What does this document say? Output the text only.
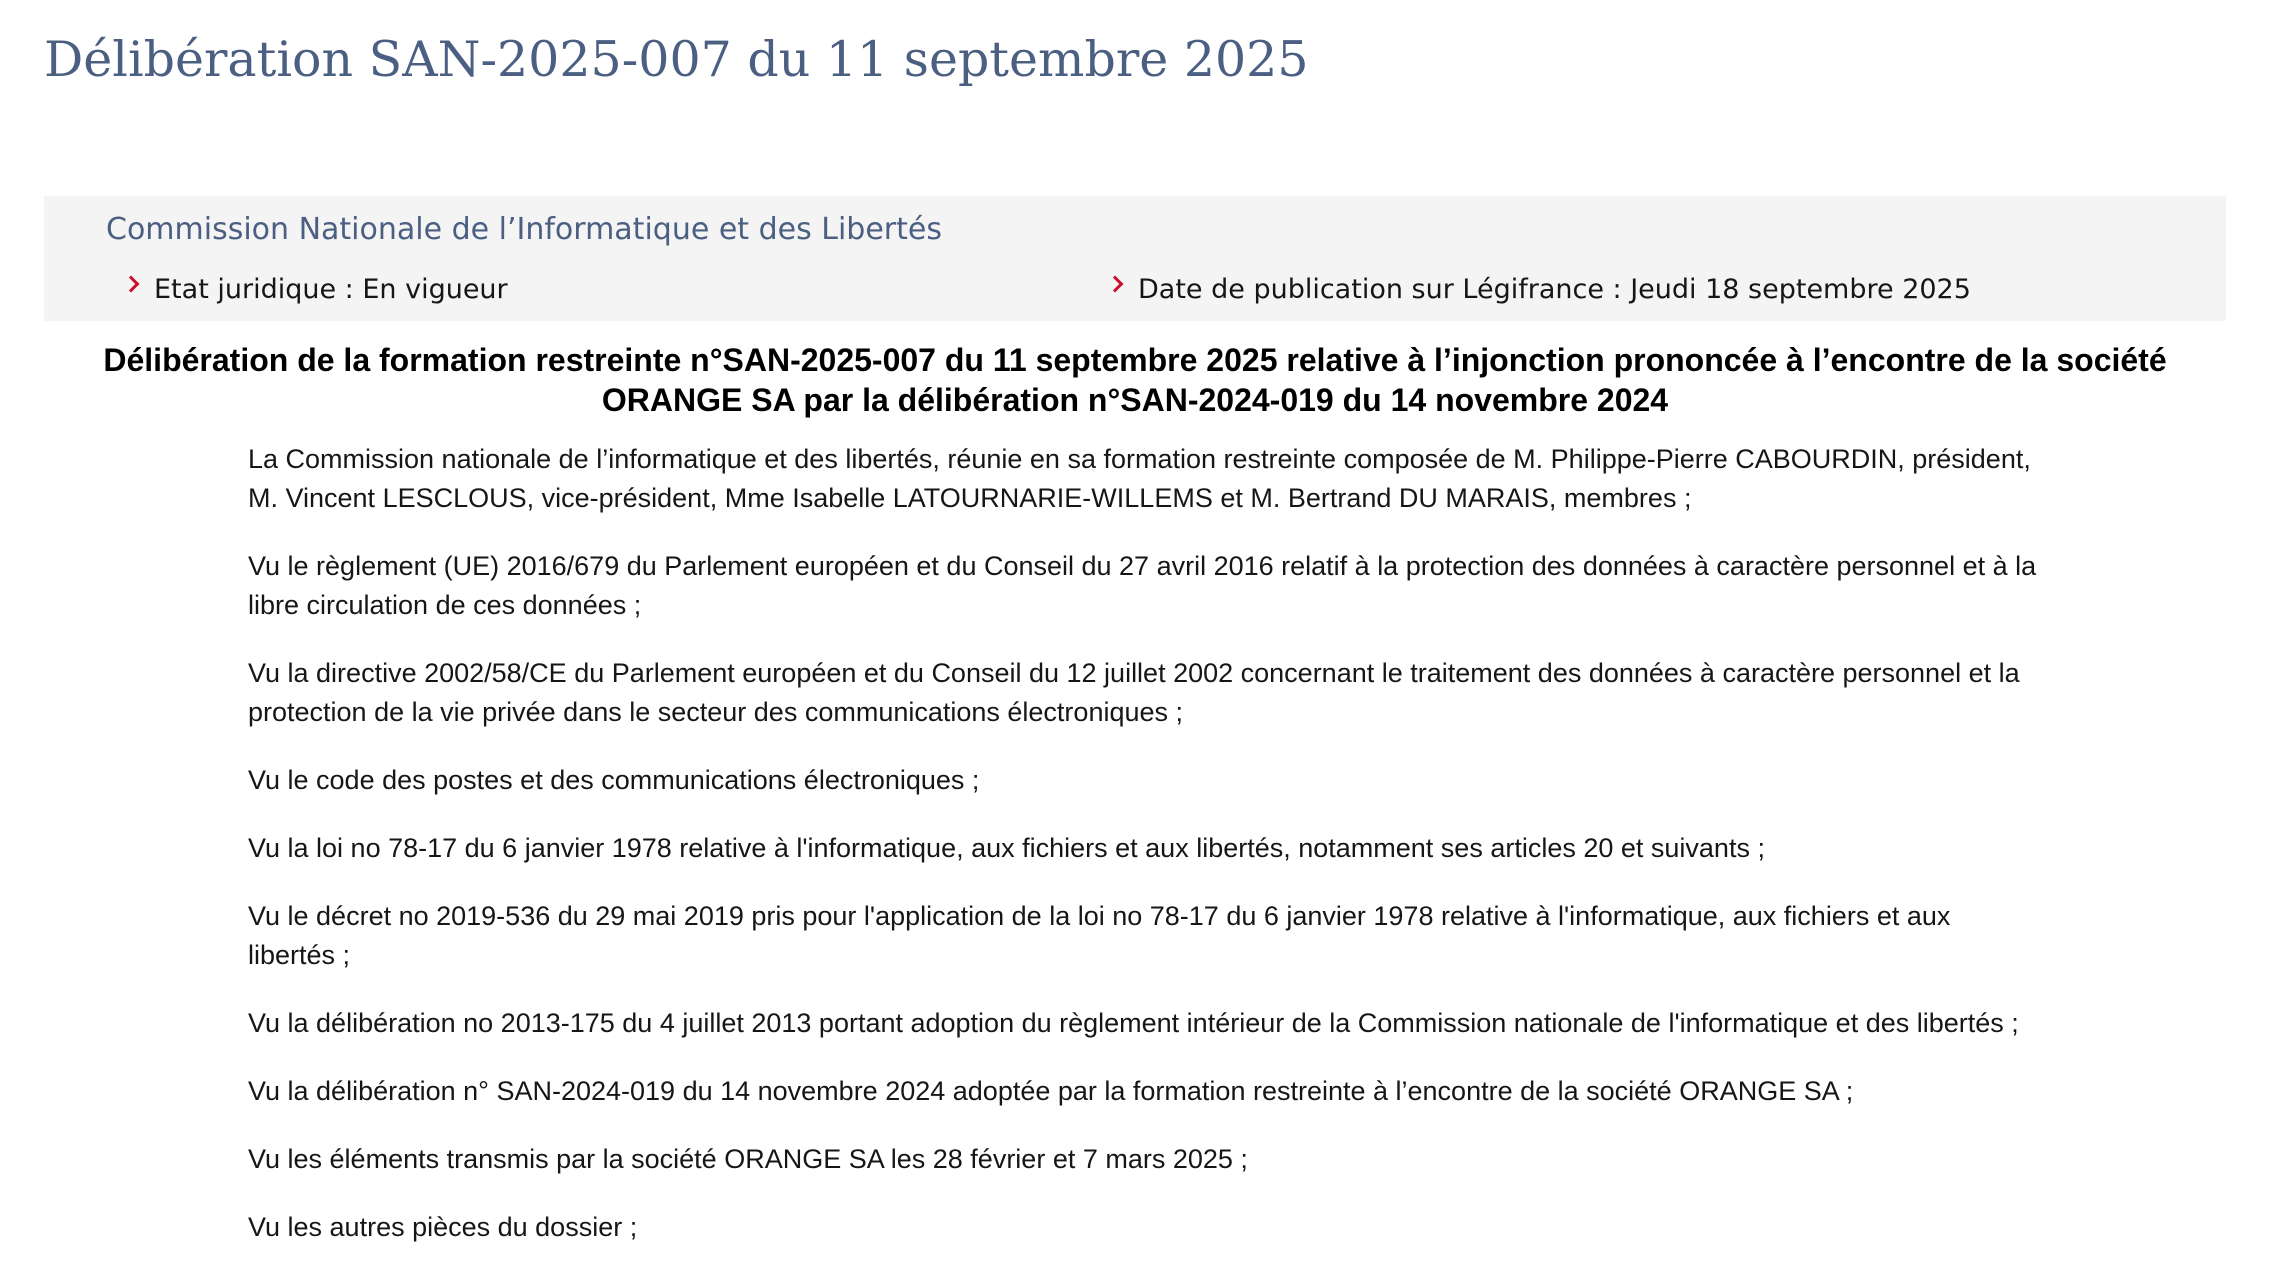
Délibération SAN-2025-007 du 11 septembre 2025
Commission Nationale de l’Informatique et des Libertés
Etat juridique : En vigueur	Date de publication sur Légifrance : Jeudi 18 septembre 2025
Délibération de la formation restreinte n°SAN-2025-007 du 11 septembre 2025 relative à l’injonction prononcée à l’encontre de la société ORANGE SA par la délibération n°SAN-2024-019 du 14 novembre 2024

La Commission nationale de l’informatique et des libertés, réunie en sa formation restreinte composée de M. Philippe-Pierre CABOURDIN, président, M. Vincent LESCLOUS, vice-président, Mme Isabelle LATOURNARIE-WILLEMS et M. Bertrand DU MARAIS, membres ;

Vu le règlement (UE) 2016/679 du Parlement européen et du Conseil du 27 avril 2016 relatif à la protection des données à caractère personnel et à la libre circulation de ces données ;

Vu la directive 2002/58/CE du Parlement européen et du Conseil du 12 juillet 2002 concernant le traitement des données à caractère personnel et la protection de la vie privée dans le secteur des communications électroniques ;

Vu le code des postes et des communications électroniques ;

Vu la loi no 78-17 du 6 janvier 1978 relative à l'informatique, aux fichiers et aux libertés, notamment ses articles 20 et suivants ;

Vu le décret no 2019-536 du 29 mai 2019 pris pour l'application de la loi no 78-17 du 6 janvier 1978 relative à l'informatique, aux fichiers et aux libertés ;

Vu la délibération no 2013-175 du 4 juillet 2013 portant adoption du règlement intérieur de la Commission nationale de l'informatique et des libertés ;

Vu la délibération n° SAN-2024-019 du 14 novembre 2024 adoptée par la formation restreinte à l’encontre de la société ORANGE SA ;

Vu les éléments transmis par la société ORANGE SA les 28 février et 7 mars 2025 ;

Vu les autres pièces du dossier ;
